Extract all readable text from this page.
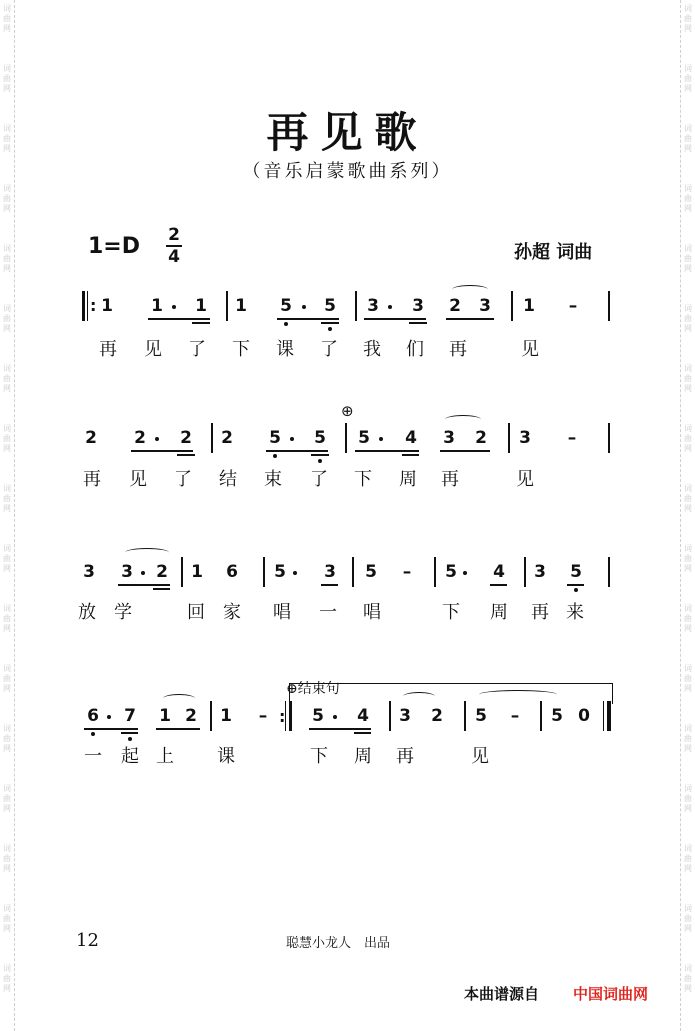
词
曲
网
词
曲
网
词
曲
网
词
曲
网
词
曲
网
词
曲
网
词
曲
网
词
曲
网
词
曲
网
词
曲
网
词
曲
网
词
曲
网
词
曲
网
词
曲
网
词
曲
网
词
曲
网
词
曲
网
词
曲
网
词
曲
网
词
曲
网
词
曲
网
词
曲
网
词
曲
网
词
曲
网
词
曲
网
词
曲
网
词
曲
网
词
曲
网
词
曲
网
词
曲
网
词
曲
网
词
曲
网
词
曲
网
词
曲
网
再见歌
（音乐启蒙歌曲系列）
1=D 2
4	孙超 词曲
: 1 1 1 1 5 5 3 3 2 3 1 –
再 见 了 下 课 了 我 们 再	见
2 2 2 2 5 5
⊕
5 4 3 2 3 –
再 见 了 结 束 了 下 周 再	见
3 3 2 1 6 5 3 5 – 5 4 3 5
放 学	回 家 唱 一 唱	下 周 再 来
⊕结束句
6 7 1 2 1 – : 5 4 3 2 5 – 5 0
一 起 上 课	下 周 再	见
12	聪慧小龙人　出品
本曲谱源自 中国词曲网
